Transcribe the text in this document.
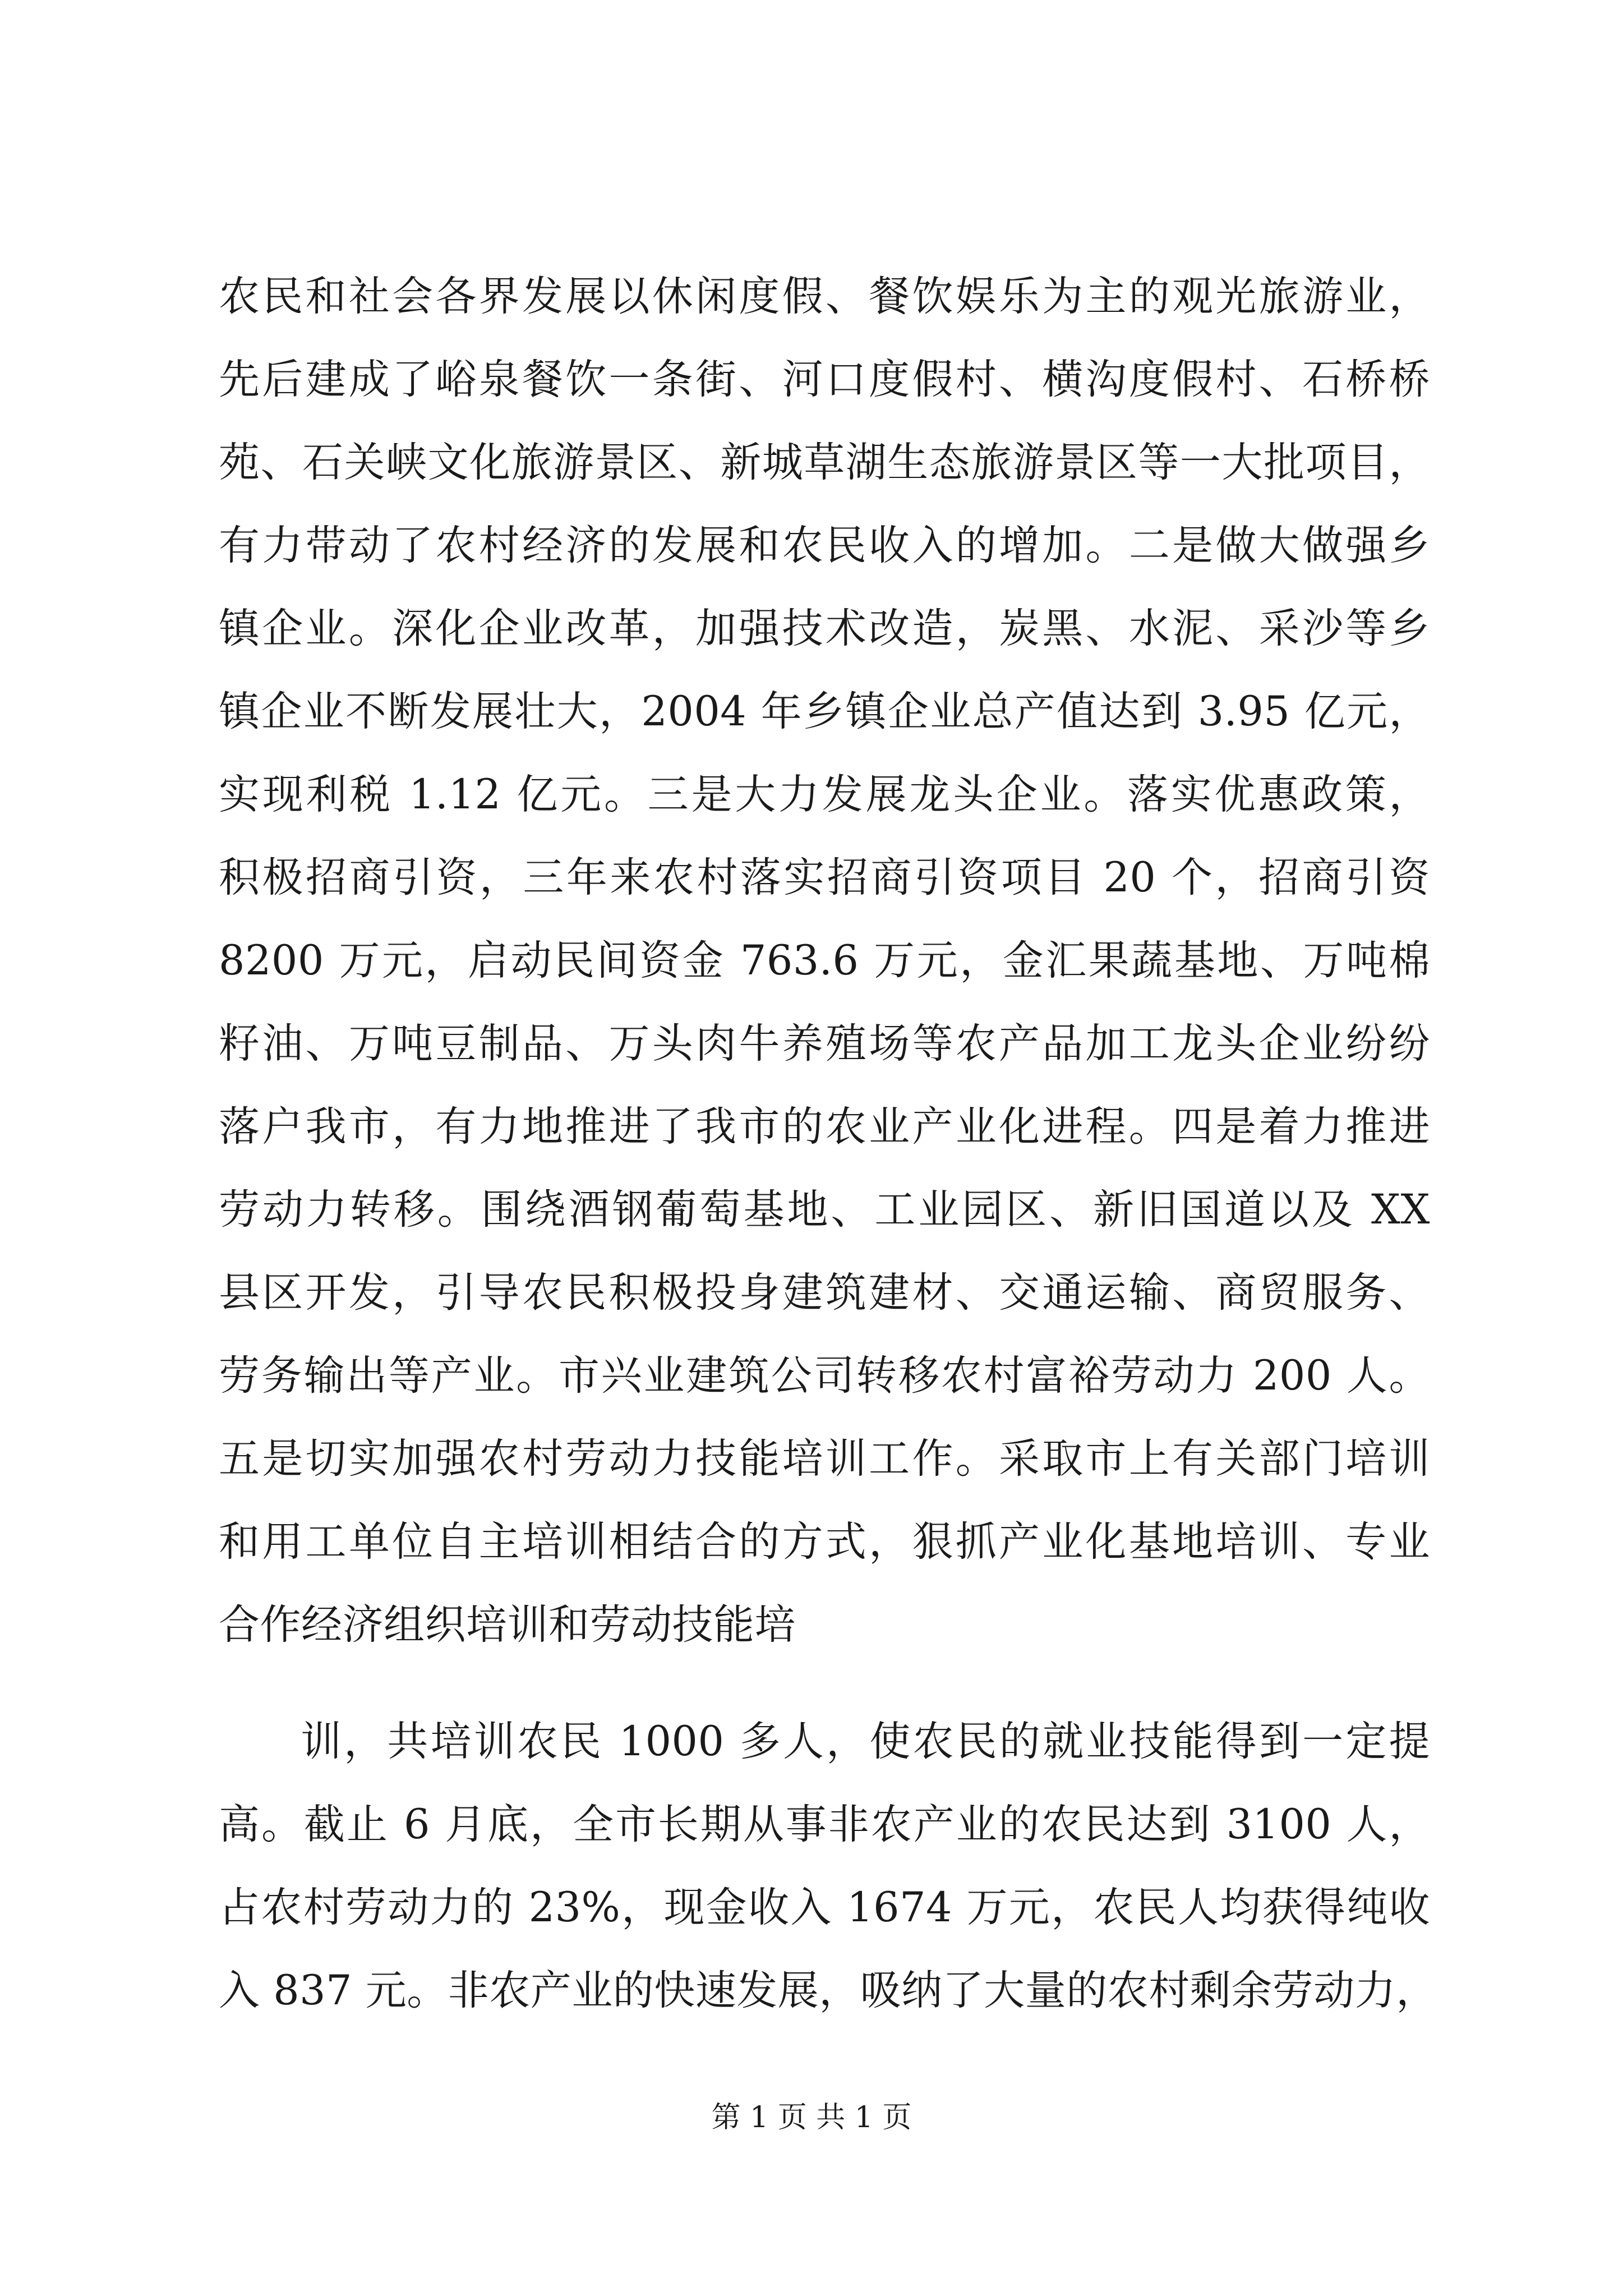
农民和社会各界发展以休闲度假、餐饮娱乐为主的观光旅游业，
先后建成了峪泉餐饮一条街、河口度假村、横沟度假村、石桥桥
苑、石关峡文化旅游景区、新城草湖生态旅游景区等一大批项目，
有力带动了农村经济的发展和农民收入的增加。二是做大做强乡
镇企业。深化企业改革，加强技术改造，炭黑、水泥、采沙等乡
镇企业不断发展壮大，2004 年乡镇企业总产值达到 3.95 亿元，
实现利税 1.12 亿元。三是大力发展龙头企业。落实优惠政策，
积极招商引资，三年来农村落实招商引资项目 20 个，招商引资
8200 万元，启动民间资金 763.6 万元，金汇果蔬基地、万吨棉
籽油、万吨豆制品、万头肉牛养殖场等农产品加工龙头企业纷纷
落户我市，有力地推进了我市的农业产业化进程。四是着力推进
劳动力转移。围绕酒钢葡萄基地、工业园区、新旧国道以及 XX
县区开发，引导农民积极投身建筑建材、交通运输、商贸服务、
劳务输出等产业。市兴业建筑公司转移农村富裕劳动力 200 人。
五是切实加强农村劳动力技能培训工作。采取市上有关部门培训
和用工单位自主培训相结合的方式，狠抓产业化基地培训、专业
合作经济组织培训和劳动技能培
训，共培训农民 1000 多人，使农民的就业技能得到一定提
高。截止 6 月底，全市长期从事非农产业的农民达到 3100 人，
占农村劳动力的 23%，现金收入 1674 万元，农民人均获得纯收
入 837 元。非农产业的快速发展，吸纳了大量的农村剩余劳动力，
第 1 页 共 1 页
